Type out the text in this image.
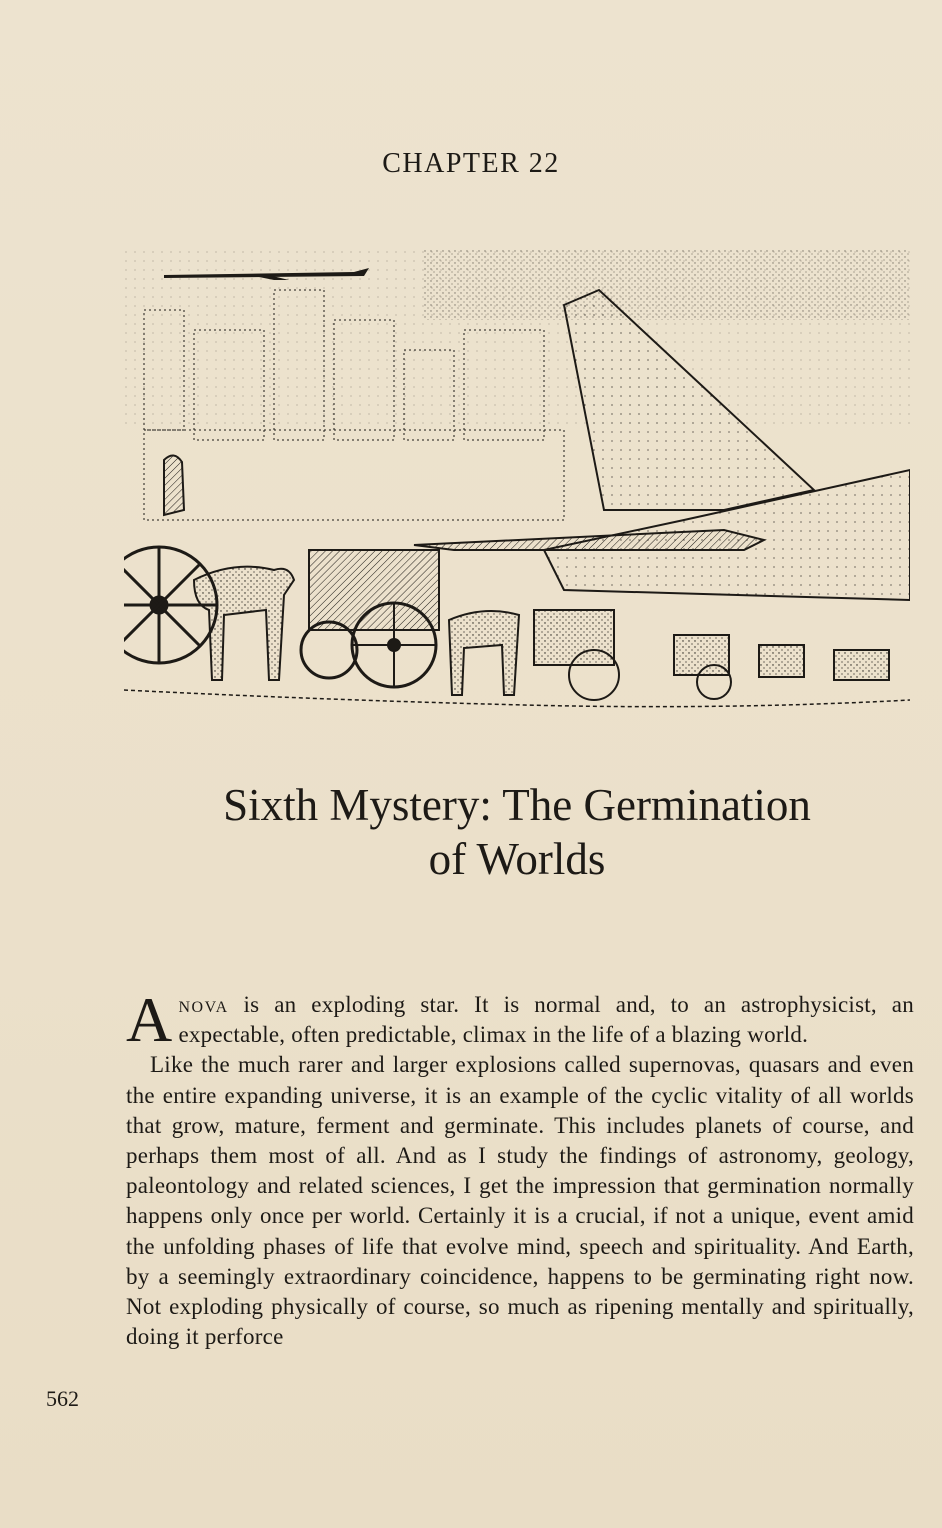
CHAPTER 22
Sixth Mystery: The Germination
of Worlds

Anova is an exploding star. It is normal and, to an astrophysicist, an expectable, often predictable, climax in the life of a blazing world.

Like the much rarer and larger explosions called supernovas, quasars and even the entire expanding universe, it is an example of the cyclic vitality of all worlds that grow, mature, ferment and germinate. This includes planets of course, and perhaps them most of all. And as I study the findings of astronomy, geology, paleontology and related sciences, I get the impression that germination normally happens only once per world. Certainly it is a crucial, if not a unique, event amid the unfolding phases of life that evolve mind, speech and spirituality. And Earth, by a seemingly extraordinary coincidence, happens to be germinating right now. Not exploding physically of course, so much as ripening mentally and spiritually, doing it perforce

562
